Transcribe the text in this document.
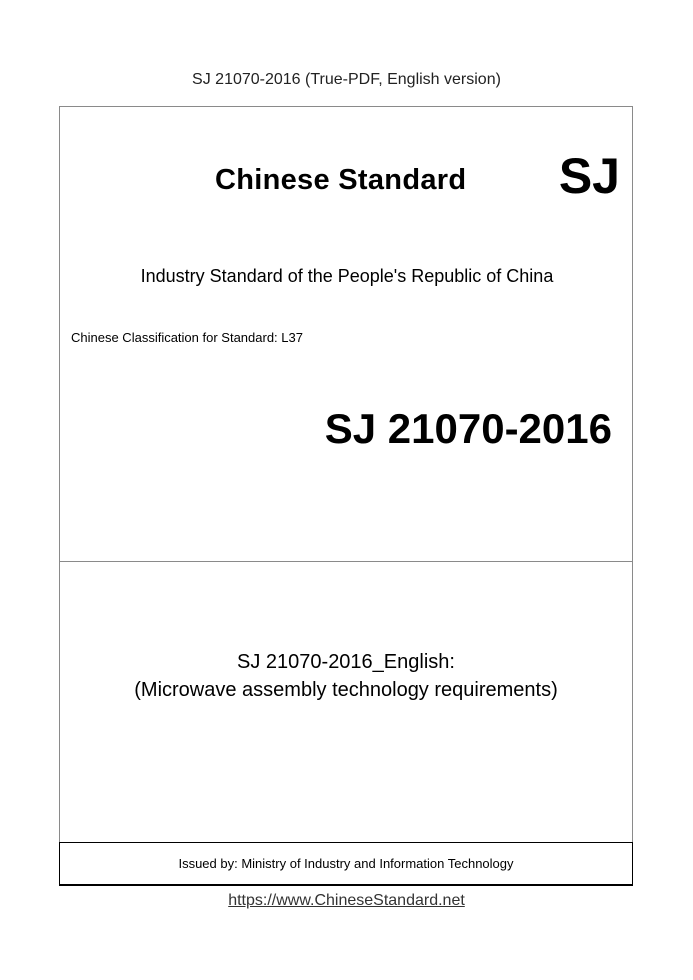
SJ 21070-2016 (True-PDF, English version)
Chinese Standard SJ
Industry Standard of the People's Republic of China
Chinese Classification for Standard: L37
SJ 21070-2016
SJ 21070-2016_English:
(Microwave assembly technology requirements)
Issued by: Ministry of Industry and Information Technology
https://www.ChineseStandard.net
